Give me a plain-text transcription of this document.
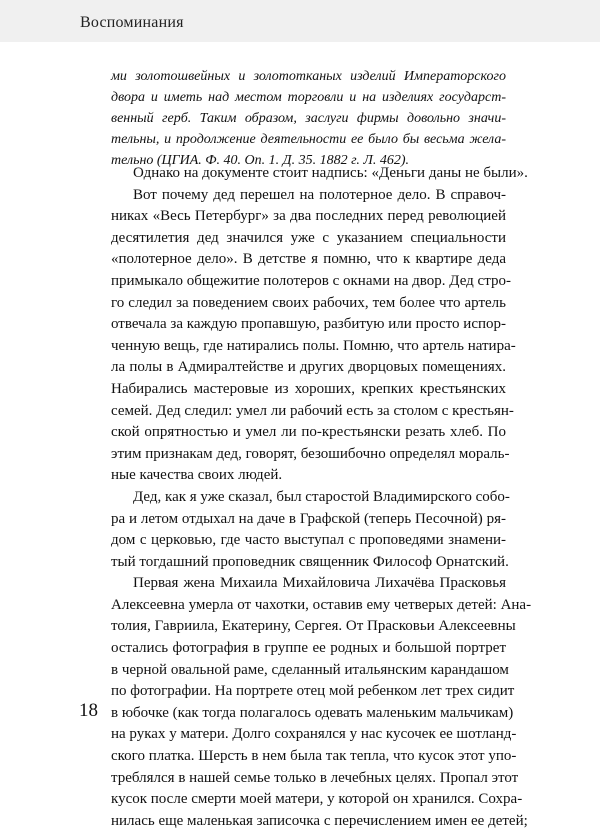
Воспоминания
ми золотошвейных и золототканых изделий Императорского
двора и иметь над местом торговли и на изделиях государст-
венный герб. Таким образом, заслуги фирмы довольно значи-
тельны, и продолжение деятельности ее было бы весьма жела-
тельно (ЦГИА. Ф. 40. Оп. 1. Д. 35. 1882 г. Л. 462).
Однако на документе стоит надпись: «Деньги даны не были».
Вот почему дед перешел на полотерное дело. В справоч-
никах «Весь Петербург» за два последних перед революцией
десятилетия дед значился уже с указанием специальности
«полотерное дело». В детстве я помню, что к квартире деда
примыкало общежитие полотеров с окнами на двор. Дед стро-
го следил за поведением своих рабочих, тем более что артель
отвечала за каждую пропавшую, разбитую или просто испор-
ченную вещь, где натирались полы. Помню, что артель натира-
ла полы в Адмиралтействе и других дворцовых помещениях.
Набирались мастеровые из хороших, крепких крестьянских
семей. Дед следил: умел ли рабочий есть за столом с крестьян-
ской опрятностью и умел ли по-крестьянски резать хлеб. По
этим признакам дед, говорят, безошибочно определял мораль-
ные качества своих людей.
Дед, как я уже сказал, был старостой Владимирского собо-
ра и летом отдыхал на даче в Графской (теперь Песочной) ря-
дом с церковью, где часто выступал с проповедями знамени-
тый тогдашний проповедник священник Философ Орнатский.
Первая жена Михаила Михайловича Лихачёва Прасковья
Алексеевна умерла от чахотки, оставив ему четверых детей: Ана-
толия, Гавриила, Екатерину, Сергея. От Прасковьи Алексеевны
остались фотография в группе ее родных и большой портрет
в черной овальной раме, сделанный итальянским карандашом
по фотографии. На портрете отец мой ребенком лет трех сидит
в юбочке (как тогда полагалось одевать маленьким мальчикам)
на руках у матери. Долго сохранялся у нас кусочек ее шотланд-
ского платка. Шерсть в нем была так тепла, что кусок этот упо-
треблялся в нашей семье только в лечебных целях. Пропал этот
кусок после смерти моей матери, у которой он хранился. Сохра-
нилась еще маленькая записочка с перечислением имен ее детей;
18
